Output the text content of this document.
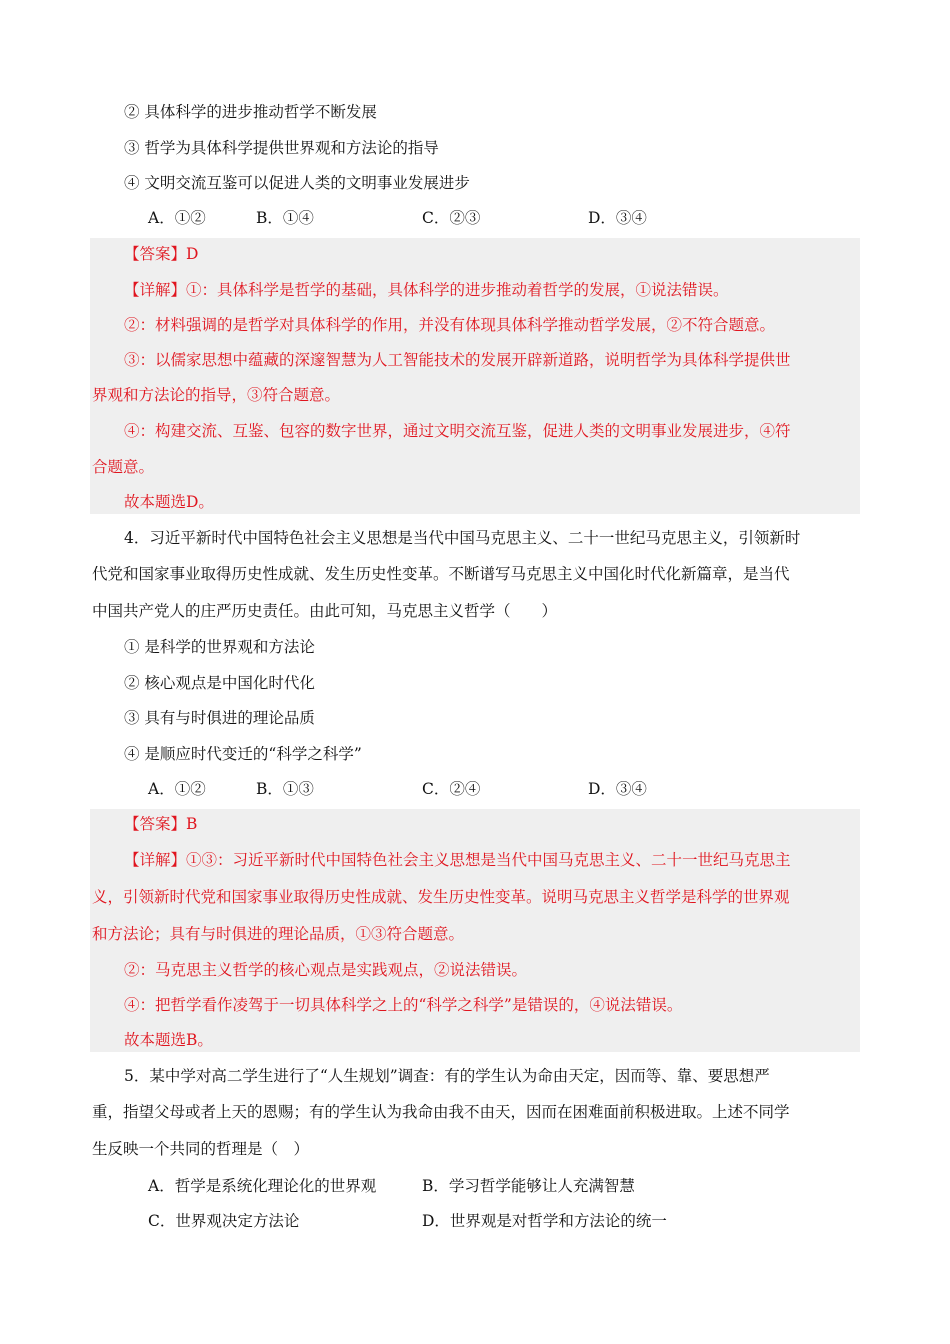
② 具体科学的进步推动哲学不断发展
③ 哲学为具体科学提供世界观和方法论的指导
④ 文明交流互鉴可以促进人类的文明事业发展进步
A．①②	B．①④	C．②③	D．③④
【答案】D
【详解】①：具体科学是哲学的基础，具体科学的进步推动着哲学的发展，①说法错误。
②：材料强调的是哲学对具体科学的作用，并没有体现具体科学推动哲学发展，②不符合题意。
③：以儒家思想中蕴藏的深邃智慧为人工智能技术的发展开辟新道路，说明哲学为具体科学提供世
界观和方法论的指导，③符合题意。
④：构建交流、互鉴、包容的数字世界，通过文明交流互鉴，促进人类的文明事业发展进步，④符
合题意。
故本题选D。
4．习近平新时代中国特色社会主义思想是当代中国马克思主义、二十一世纪马克思主义，引领新时
代党和国家事业取得历史性成就、发生历史性变革。不断谱写马克思主义中国化时代化新篇章，是当代
中国共产党人的庄严历史责任。由此可知，马克思主义哲学（　　）
① 是科学的世界观和方法论
② 核心观点是中国化时代化
③ 具有与时俱进的理论品质
④ 是顺应时代变迁的“科学之科学”
A．①②	B．①③	C．②④	D．③④
【答案】B
【详解】①③：习近平新时代中国特色社会主义思想是当代中国马克思主义、二十一世纪马克思主
义，引领新时代党和国家事业取得历史性成就、发生历史性变革。说明马克思主义哲学是科学的世界观
和方法论；具有与时俱进的理论品质，①③符合题意。
②：马克思主义哲学的核心观点是实践观点，②说法错误。
④：把哲学看作凌驾于一切具体科学之上的“科学之科学”是错误的，④说法错误。
故本题选B。
5．某中学对高二学生进行了“人生规划”调查：有的学生认为命由天定，因而等、靠、要思想严
重，指望父母或者上天的恩赐；有的学生认为我命由我不由天，因而在困难面前积极进取。上述不同学
生反映一个共同的哲理是（　）
A．哲学是系统化理论化的世界观	B．学习哲学能够让人充满智慧
C．世界观决定方法论	D．世界观是对哲学和方法论的统一
